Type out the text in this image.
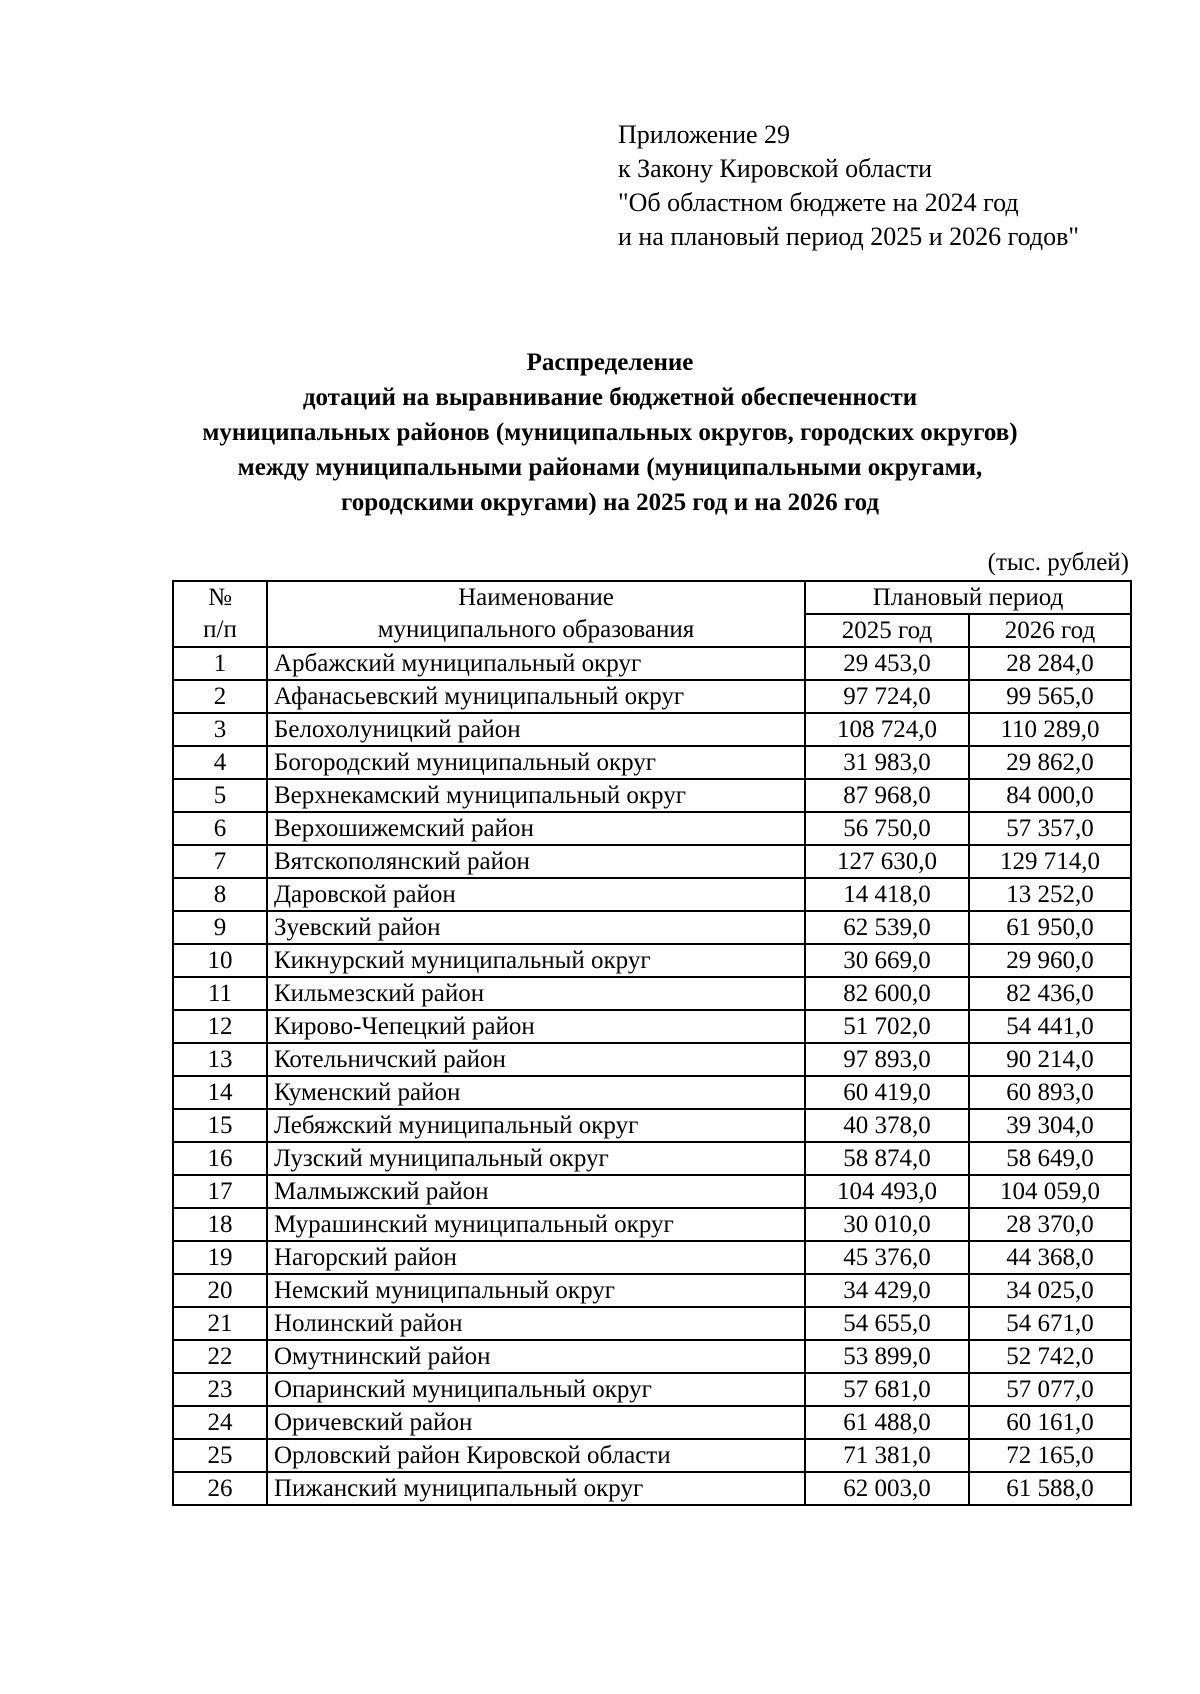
Приложение 29
к Закону Кировской области
"Об областном бюджете на 2024 год
и на плановый период 2025 и 2026 годов"
Распределение
дотаций на выравнивание бюджетной обеспеченности
муниципальных районов (муниципальных округов, городских округов)
между муниципальными районами (муниципальными округами,
городскими округами) на 2025 год и на 2026 год
(тыс. рублей)
№	Наименование	Плановый период	
п/п	муниципального образования	2025 год	2026 год
1	Арбажский муниципальный округ	29 453,0	28 284,0
2	Афанасьевский муниципальный округ	97 724,0	99 565,0
3	Белохолуницкий район	108 724,0	110 289,0
4	Богородский муниципальный округ	31 983,0	29 862,0
5	Верхнекамский муниципальный округ	87 968,0	84 000,0
6	Верхошижемский район	56 750,0	57 357,0
7	Вятскополянский район	127 630,0	129 714,0
8	Даровской район	14 418,0	13 252,0
9	Зуевский район	62 539,0	61 950,0
10	Кикнурский муниципальный округ	30 669,0	29 960,0
11	Кильмезский район	82 600,0	82 436,0
12	Кирово-Чепецкий район	51 702,0	54 441,0
13	Котельничский район	97 893,0	90 214,0
14	Куменский район	60 419,0	60 893,0
15	Лебяжский муниципальный округ	40 378,0	39 304,0
16	Лузский муниципальный округ	58 874,0	58 649,0
17	Малмыжский район	104 493,0	104 059,0
18	Мурашинский муниципальный округ	30 010,0	28 370,0
19	Нагорский район	45 376,0	44 368,0
20	Немский муниципальный округ	34 429,0	34 025,0
21	Нолинский район	54 655,0	54 671,0
22	Омутнинский район	53 899,0	52 742,0
23	Опаринский муниципальный округ	57 681,0	57 077,0
24	Оричевский район	61 488,0	60 161,0
25	Орловский район Кировской области	71 381,0	72 165,0
26	Пижанский муниципальный округ	62 003,0	61 588,0
